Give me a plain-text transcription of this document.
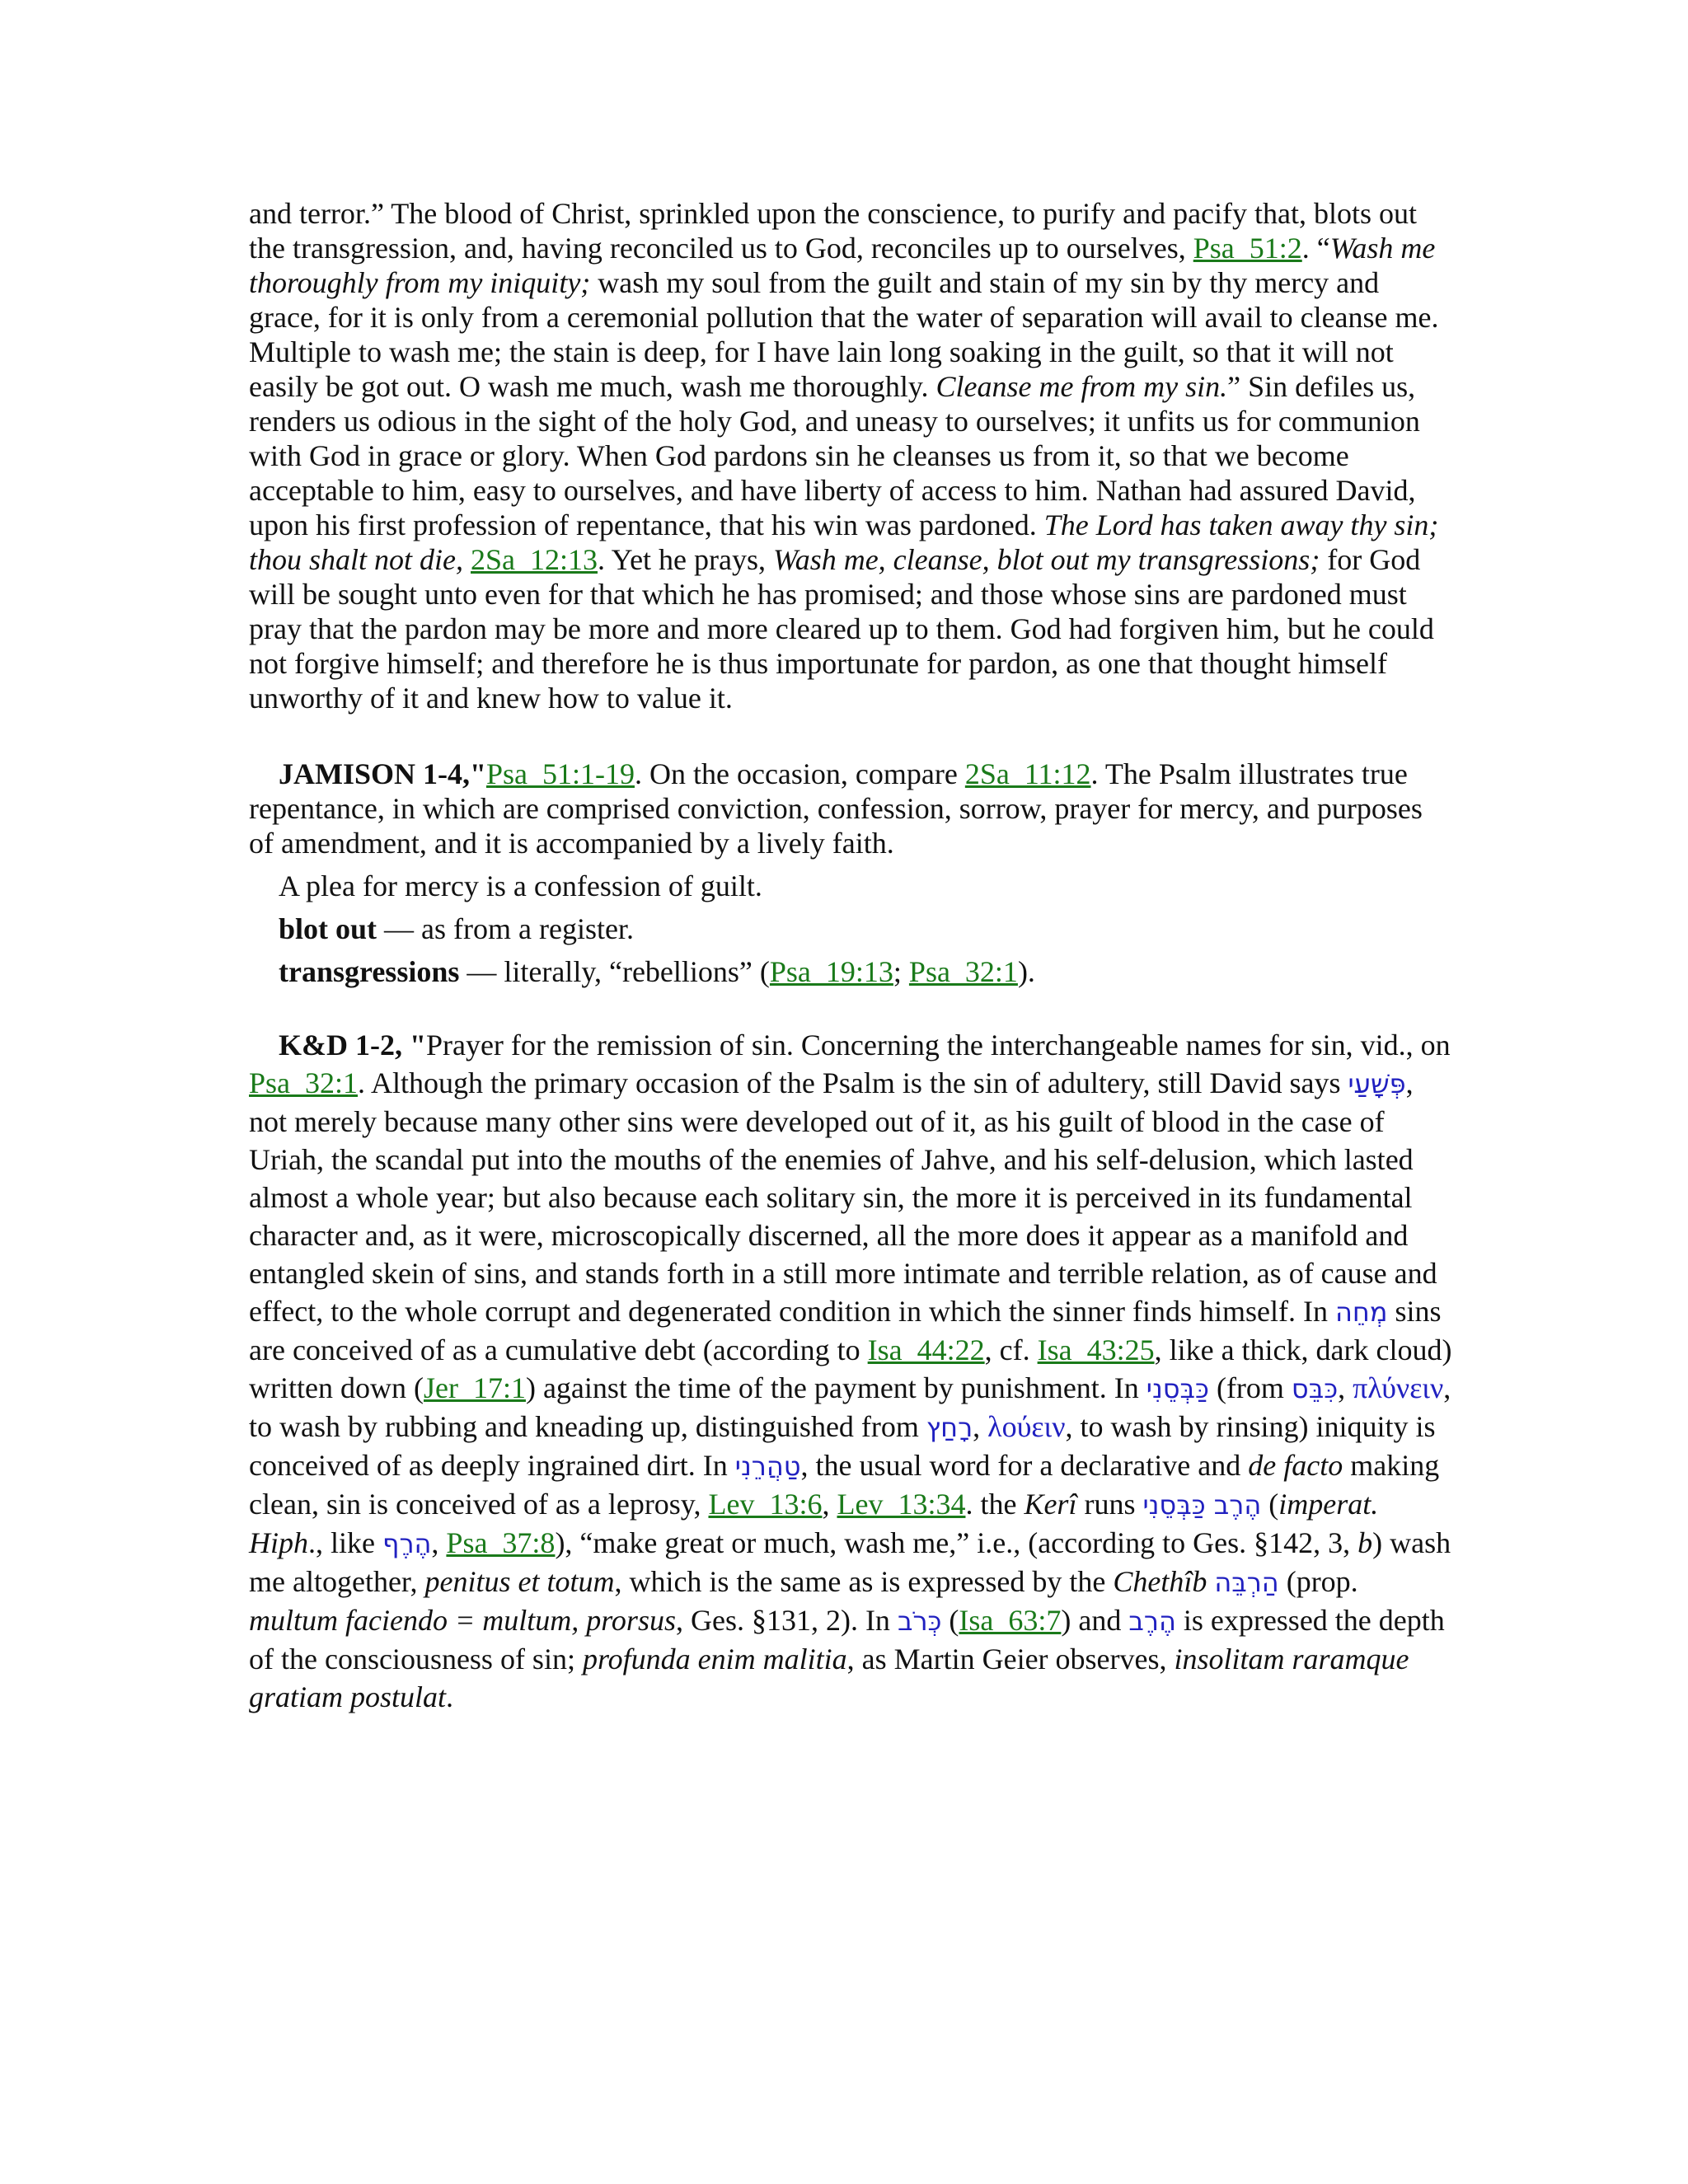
and terror.” The blood of Christ, sprinkled upon the conscience, to purify and pacify that, blots out the transgression, and, having reconciled us to God, reconciles up to ourselves, Psa_51:2. “Wash me thoroughly from my iniquity; wash my soul from the guilt and stain of my sin by thy mercy and grace, for it is only from a ceremonial pollution that the water of separation will avail to cleanse me. Multiple to wash me; the stain is deep, for I have lain long soaking in the guilt, so that it will not easily be got out. O wash me much, wash me thoroughly. Cleanse me from my sin.” Sin defiles us, renders us odious in the sight of the holy God, and uneasy to ourselves; it unfits us for communion with God in grace or glory. When God pardons sin he cleanses us from it, so that we become acceptable to him, easy to ourselves, and have liberty of access to him. Nathan had assured David, upon his first profession of repentance, that his win was pardoned. The Lord has taken away thy sin; thou shalt not die, 2Sa_12:13. Yet he prays, Wash me, cleanse, blot out my transgressions; for God will be sought unto even for that which he has promised; and those whose sins are pardoned must pray that the pardon may be more and more cleared up to them. God had forgiven him, but he could not forgive himself; and therefore he is thus importunate for pardon, as one that thought himself unworthy of it and knew how to value it.

JAMISON 1-4,"Psa_51:1-19. On the occasion, compare 2Sa_11:12. The Psalm illustrates true repentance, in which are comprised conviction, confession, sorrow, prayer for mercy, and purposes of amendment, and it is accompanied by a lively faith.

A plea for mercy is a confession of guilt.

blot out — as from a register.

transgressions — literally, “rebellions” (Psa_19:13; Psa_32:1).

K&D 1-2, "Prayer for the remission of sin. Concerning the interchangeable names for sin, vid., on Psa_32:1. Although the primary occasion of the Psalm is the sin of adultery, still David says פְּשָׁעַי, not merely because many other sins were developed out of it, as his guilt of blood in the case of Uriah, the scandal put into the mouths of the enemies of Jahve, and his self-delusion, which lasted almost a whole year; but also because each solitary sin, the more it is perceived in its fundamental character and, as it were, microscopically discerned, all the more does it appear as a manifold and entangled skein of sins, and stands forth in a still more intimate and terrible relation, as of cause and effect, to the whole corrupt and degenerated condition in which the sinner finds himself. In מְחֵה sins are conceived of as a cumulative debt (according to Isa_44:22, cf. Isa_43:25, like a thick, dark cloud) written down (Jer_17:1) against the time of the payment by punishment. In כַּבְּסֵנִי (from כִּבֵּס, πλύνειν, to wash by rubbing and kneading up, distinguished from רָחַץ, λούειν, to wash by rinsing) iniquity is conceived of as deeply ingrained dirt. In טַהֲרֵנִי, the usual word for a declarative and de facto making clean, sin is conceived of as a leprosy, Lev_13:6, Lev_13:34. the Kerî runs הֶרֶב כַּבְּסֵנִי (imperat. Hiph., like הֶרֶף, Psa_37:8), “make great or much, wash me,” i.e., (according to Ges. §142, 3, b) wash me altogether, penitus et totum, which is the same as is expressed by the Chethîb הַרְבֵּה (prop. multum faciendo = multum, prorsus, Ges. §131, 2). In כְּרֹב (Isa_63:7) and הֶרֶב is expressed the depth of the consciousness of sin; profunda enim malitia, as Martin Geier observes, insolitam raramque gratiam postulat.
